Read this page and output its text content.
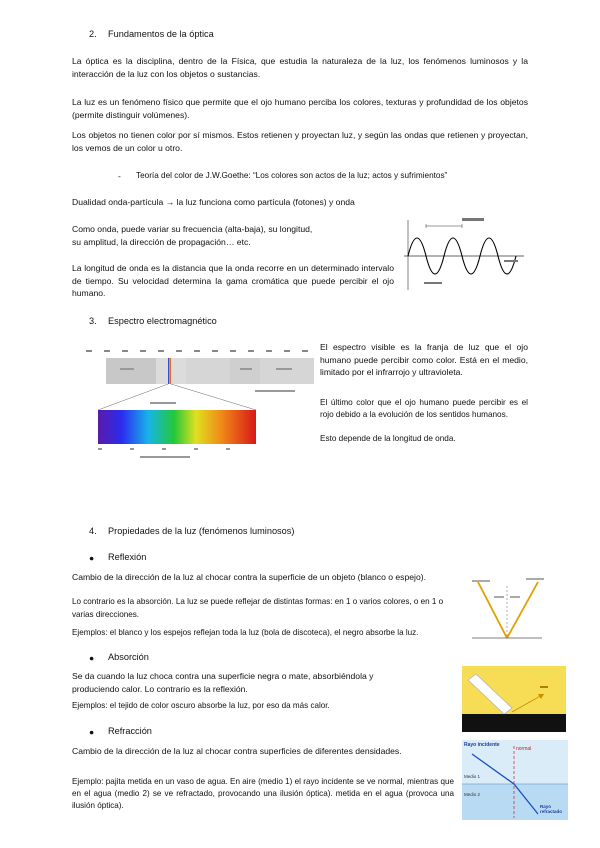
2. Fundamentos de la óptica
La óptica es la disciplina, dentro de la Física, que estudia la naturaleza de la luz, los fenómenos luminosos y la interacción de la luz con los objetos o sustancias.
La luz es un fenómeno físico que permite que el ojo humano perciba los colores, texturas y profundidad de los objetos (permite distinguir volúmenes).
Los objetos no tienen color por sí mismos. Estos retienen y proyectan luz, y según las ondas que retienen y proyectan, los vemos de un color u otro.
- Teoría del color de J.W.Goethe: “Los colores son actos de la luz; actos y sufrimientos”
Dualidad onda-partícula → la luz funciona como partícula (fotones) y onda
Como onda, puede variar su frecuencia (alta-baja), su longitud,
su amplitud, la dirección de propagación… etc.
La longitud de onda es la distancia que la onda recorre en un determinado intervalo de tiempo. Su velocidad determina la gama cromática que puede percibir el ojo humano.
3. Espectro electromagnético
El espectro visible es la franja de luz que el ojo humano puede percibir como color. Está en el medio, limitado por el infrarrojo y ultravioleta.
El último color que el ojo humano puede percibir es el rojo debido a la evolución de los sentidos humanos.
Esto depende de la longitud de onda.
4. Propiedades de la luz (fenómenos luminosos)
● Reflexión
Cambio de la dirección de la luz al chocar contra la superficie de un objeto (blanco o espejo).
Lo contrario es la absorción. La luz se puede reflejar de distintas formas: en 1 o varios colores, o en 1 o varias direcciones.
Ejemplos: el blanco y los espejos reflejan toda la luz (bola de discoteca), el negro absorbe la luz.
● Absorción
Se da cuando la luz choca contra una superficie negra o mate, absorbiéndola y produciendo calor. Lo contrario es la reflexión.
Ejemplos: el tejido de color oscuro absorbe la luz, por eso da más calor.
● Refracción
Cambio de la dirección de la luz al chocar contra superficies de diferentes densidades.
Ejemplo: pajita metida en un vaso de agua. En aire (medio 1) el rayo incidente se ve normal, mientras que en el agua (medio 2) se ve refractado, provocando una ilusión óptica). metida en el agua (provoca una ilusión óptica).
Rayo incidente
normal
Medio 1
Medio 2
Rayo refractado
